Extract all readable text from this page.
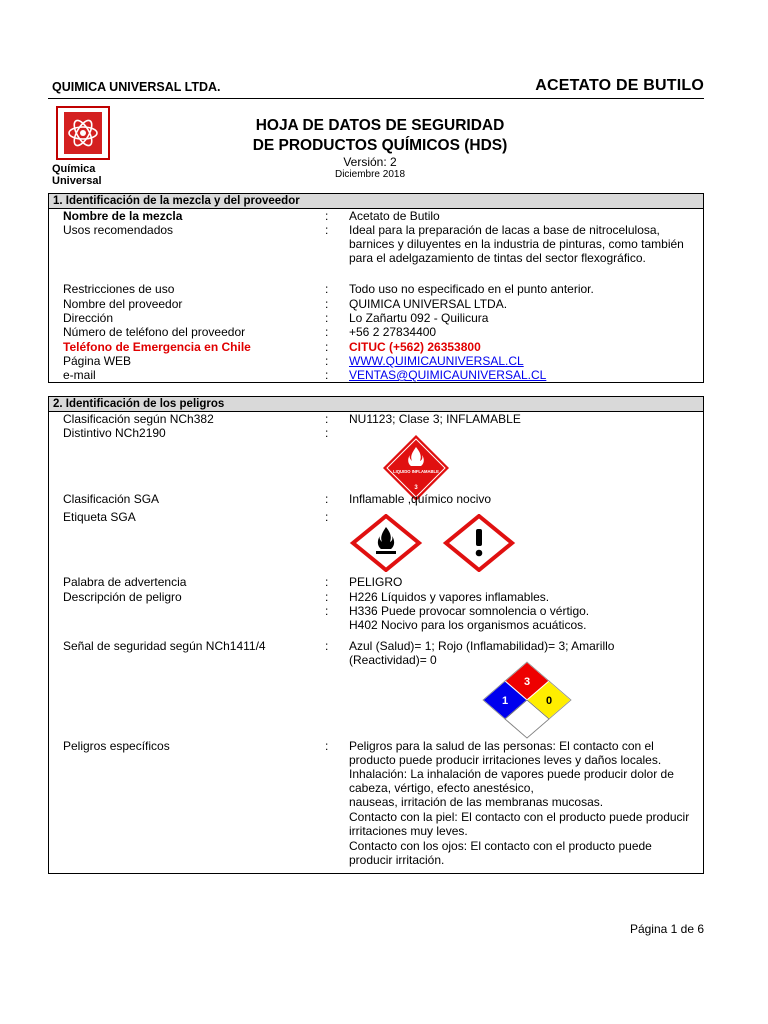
QUIMICA UNIVERSAL LTDA.	ACETATO DE BUTILO
Química
Universal
HOJA DE DATOS DE SEGURIDAD
DE PRODUCTOS QUÍMICOS (HDS)
Versión: 2
Diciembre 2018
1. Identificación de la mezcla y del proveedor
Nombre de la mezcla	: Acetato de Butilo
Usos recomendados	: Ideal para la preparación de lacas a base de nitrocelulosa,
barnices y diluyentes en la industria de pinturas, como también
para el adelgazamiento de tintas del sector flexográfico.
Restricciones de uso	: Todo uso no especificado en el punto anterior.
Nombre del proveedor	: QUIMICA UNIVERSAL LTDA.
Dirección	: Lo Zañartu 092 - Quilicura
Número de teléfono del proveedor	: +56 2 27834400
Teléfono de Emergencia en Chile	: CITUC (+562) 26353800
Página WEB	: WWW.QUIMICAUNIVERSAL.CL
e-mail	: VENTAS@QUIMICAUNIVERSAL.CL
2. Identificación de los peligros
Clasificación según NCh382	: NU1123; Clase 3; INFLAMABLE
Distintivo NCh2190	:
LIQUIDO INFLAMABLE
3
Clasificación SGA	: Inflamable ,químico nocivo
Etiqueta SGA	:
Palabra de advertencia	: PELIGRO
Descripción de peligro	: H226 Líquidos y vapores inflamables.
: H336 Puede provocar somnolencia o vértigo.
H402 Nocivo para los organismos acuáticos.
Señal de seguridad según NCh1411/4	: Azul (Salud)= 1; Rojo (Inflamabilidad)= 3; Amarillo
(Reactividad)= 0
3
1	0
Peligros específicos	: Peligros para la salud de las personas: El contacto con el
producto puede producir irritaciones leves y daños locales.
Inhalación: La inhalación de vapores puede producir dolor de
cabeza, vértigo, efecto anestésico,
nauseas, irritación de las membranas mucosas.
Contacto con la piel: El contacto con el producto puede producir
irritaciones muy leves.
Contacto con los ojos: El contacto con el producto puede
producir irritación.
Página 1 de 6
